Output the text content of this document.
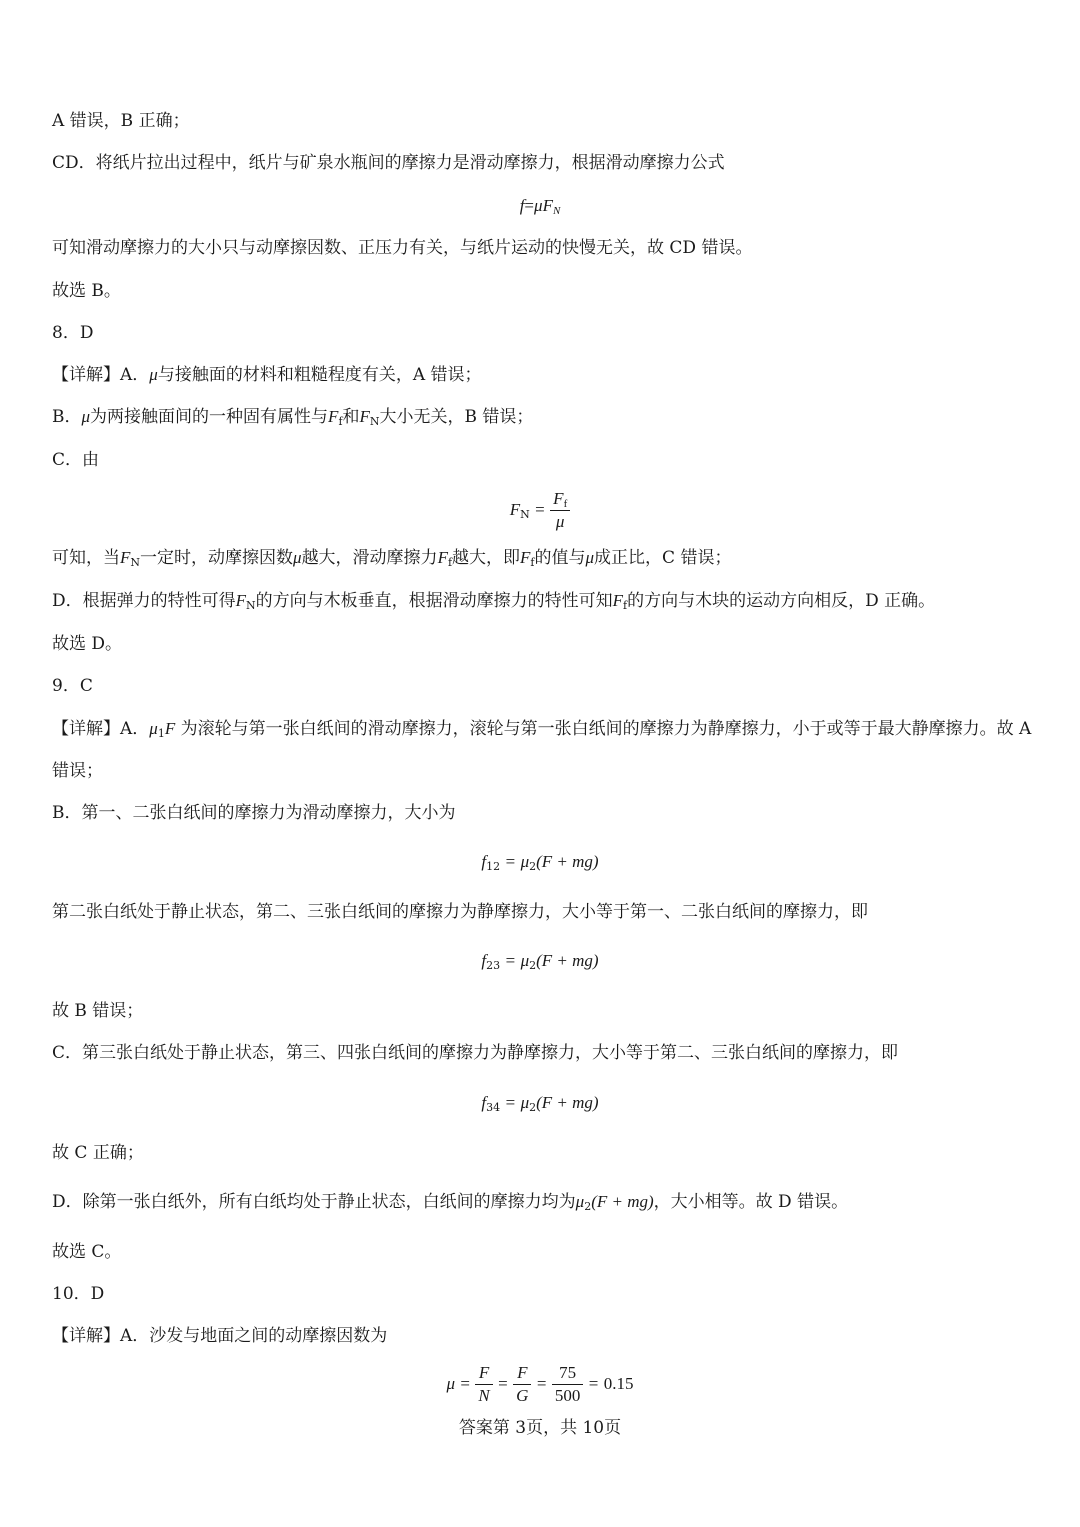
A 错误，B 正确；
CD．将纸片拉出过程中，纸片与矿泉水瓶间的摩擦力是滑动摩擦力，根据滑动摩擦力公式
$f=\mu F_N$
可知滑动摩擦力的大小只与动摩擦因数、正压力有关，与纸片运动的快慢无关，故 CD 错误。
故选 B。
8．D
【详解】A．μ与接触面的材料和粗糙程度有关，A 错误；
B．μ为两接触面间的一种固有属性与$F_f$和$F_N$大小无关，B 错误；
C．由
$F_N = \frac{F_f}{\mu}$
可知，当$F_N$一定时，动摩擦因数μ越大，滑动摩擦力$F_f$越大，即$F_f$的值与μ成正比，C 错误；
D．根据弹力的特性可得$F_N$的方向与木板垂直，根据滑动摩擦力的特性可知$F_f$的方向与木块的运动方向相反，D 正确。
故选 D。
9．C
【详解】A．$\mu_1F$ 为滚轮与第一张白纸间的滑动摩擦力，滚轮与第一张白纸间的摩擦力为静摩擦力，小于或等于最大静摩擦力。故 A 错误；
B．第一、二张白纸间的摩擦力为滑动摩擦力，大小为
$f_{12} = \mu_2(F + mg)$
第二张白纸处于静止状态，第二、三张白纸间的摩擦力为静摩擦力，大小等于第一、二张白纸间的摩擦力，即
$f_{23} = \mu_2(F + mg)$
故 B 错误；
C．第三张白纸处于静止状态，第三、四张白纸间的摩擦力为静摩擦力，大小等于第二、三张白纸间的摩擦力，即
$f_{34} = \mu_2(F + mg)$
故 C 正确；
D．除第一张白纸外，所有白纸均处于静止状态，白纸间的摩擦力均为$\mu_2(F + mg)$，大小相等。故 D 错误。
故选 C。
10．D
【详解】A．沙发与地面之间的动摩擦因数为
$\mu = \frac{F}{N} = \frac{F}{G} = \frac{75}{500} = 0.15$
答案第 3页，共 10页
